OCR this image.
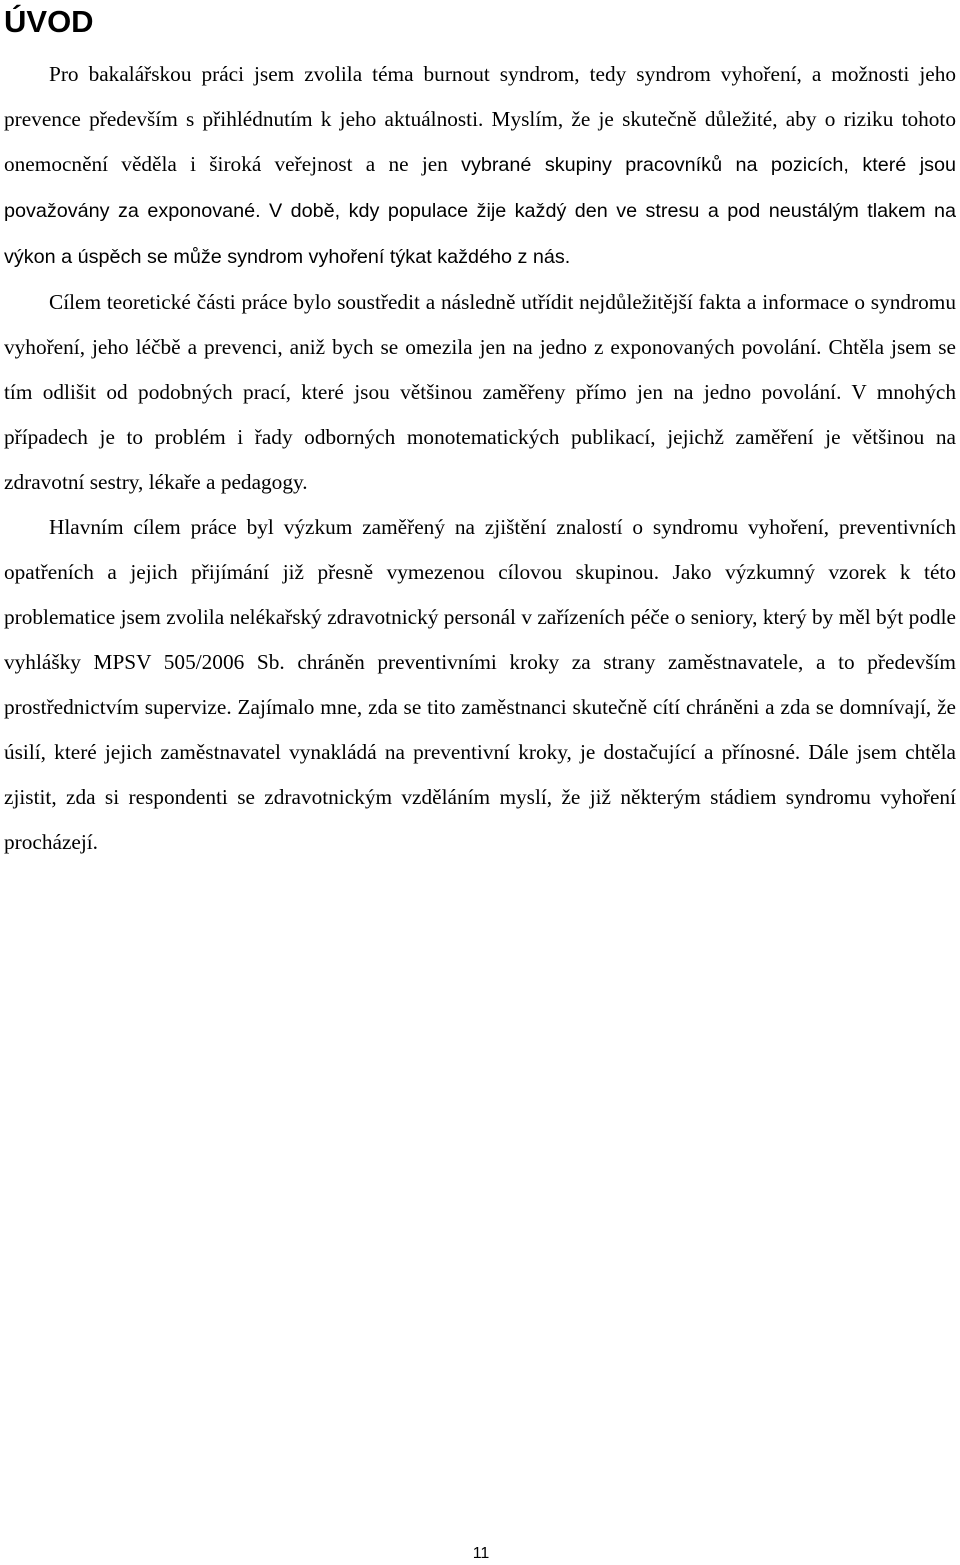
ÚVOD

Pro bakalářskou práci jsem zvolila téma burnout syndrom, tedy syndrom vyhoření, a možnosti jeho prevence především s přihlédnutím k jeho aktuálnosti. Myslím, že je skutečně důležité, aby o riziku tohoto onemocnění věděla i široká veřejnost a ne jen vybrané skupiny pracovníků na pozicích, které jsou považovány za exponované. V době, kdy populace žije každý den ve stresu a pod neustálým tlakem na výkon a úspěch se může syndrom vyhoření týkat každého z nás.

Cílem teoretické části práce bylo soustředit a následně utřídit nejdůležitější fakta a informace o syndromu vyhoření, jeho léčbě a prevenci, aniž bych se omezila jen na jedno z exponovaných povolání. Chtěla jsem se tím odlišit od podobných prací, které jsou většinou zaměřeny přímo jen na jedno povolání. V mnohých případech je to problém i řady odborných monotematických publikací, jejichž zaměření je většinou na zdravotní sestry, lékaře a pedagogy.

Hlavním cílem práce byl výzkum zaměřený na zjištění znalostí o syndromu vyhoření, preventivních opatřeních a jejich přijímání již přesně vymezenou cílovou skupinou. Jako výzkumný vzorek k této problematice jsem zvolila nelékařský zdravotnický personál v zařízeních péče o seniory, který by měl být podle vyhlášky MPSV 505/2006 Sb. chráněn preventivními kroky za strany zaměstnavatele, a to především prostřednictvím supervize. Zajímalo mne, zda se tito zaměstnanci skutečně cítí chráněni a zda se domnívají, že úsilí, které jejich zaměstnavatel vynakládá na preventivní kroky, je dostačující a přínosné. Dále jsem chtěla zjistit, zda si respondenti se zdravotnickým vzděláním myslí, že již některým stádiem syndromu vyhoření procházejí.

11
